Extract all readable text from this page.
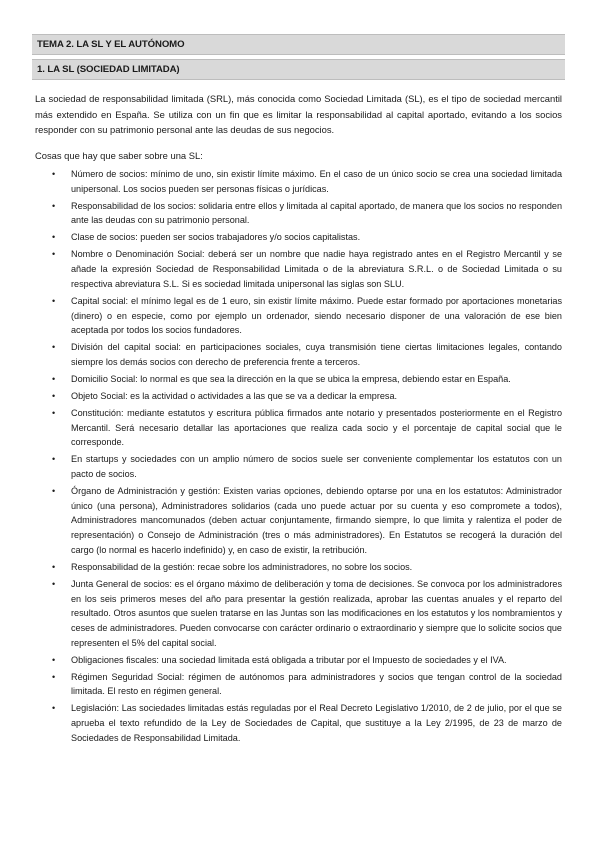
TEMA 2. LA SL Y EL AUTÓNOMO
1. LA SL (SOCIEDAD LIMITADA)

La sociedad de responsabilidad limitada (SRL), más conocida como Sociedad Limitada (SL), es el tipo de sociedad mercantil más extendido en España. Se utiliza con un fin que es limitar la responsabilidad al capital aportado, evitando a los socios responder con su patrimonio personal ante las deudas de sus negocios.

Cosas que hay que saber sobre una SL:

• Número de socios: mínimo de uno, sin existir límite máximo. En el caso de un único socio se crea una sociedad limitada unipersonal. Los socios pueden ser personas físicas o jurídicas.
• Responsabilidad de los socios: solidaria entre ellos y limitada al capital aportado, de manera que los socios no responden ante las deudas con su patrimonio personal.
• Clase de socios: pueden ser socios trabajadores y/o socios capitalistas.
• Nombre o Denominación Social: deberá ser un nombre que nadie haya registrado antes en el Registro Mercantil y se añade la expresión Sociedad de Responsabilidad Limitada o de la abreviatura S.R.L. o de Sociedad Limitada o su respectiva abreviatura S.L. Si es sociedad limitada unipersonal las siglas son SLU.
• Capital social: el mínimo legal es de 1 euro, sin existir límite máximo. Puede estar formado por aportaciones monetarias (dinero) o en especie, como por ejemplo un ordenador, siendo necesario disponer de una valoración de ese bien aceptada por todos los socios fundadores.
• División del capital social: en participaciones sociales, cuya transmisión tiene ciertas limitaciones legales, contando siempre los demás socios con derecho de preferencia frente a terceros.
• Domicilio Social: lo normal es que sea la dirección en la que se ubica la empresa, debiendo estar en España.
• Objeto Social: es la actividad o actividades a las que se va a dedicar la empresa.
• Constitución: mediante estatutos y escritura pública firmados ante notario y presentados posteriormente en el Registro Mercantil. Será necesario detallar las aportaciones que realiza cada socio y el porcentaje de capital social que le corresponde.
• En startups y sociedades con un amplio número de socios suele ser conveniente complementar los estatutos con un pacto de socios.
• Órgano de Administración y gestión: Existen varias opciones, debiendo optarse por una en los estatutos: Administrador único (una persona), Administradores solidarios (cada uno puede actuar por su cuenta y eso compromete a todos), Administradores mancomunados (deben actuar conjuntamente, firmando siempre, lo que limita y ralentiza el poder de representación) o Consejo de Administración (tres o más administradores). En Estatutos se recogerá la duración del cargo (lo normal es hacerlo indefinido) y, en caso de existir, la retribución.
• Responsabilidad de la gestión: recae sobre los administradores, no sobre los socios.
• Junta General de socios: es el órgano máximo de deliberación y toma de decisiones. Se convoca por los administradores en los seis primeros meses del año para presentar la gestión realizada, aprobar las cuentas anuales y el reparto del resultado. Otros asuntos que suelen tratarse en las Juntas son las modificaciones en los estatutos y los nombramientos y ceses de administradores. Pueden convocarse con carácter ordinario o extraordinario y siempre que lo solicite socios que representen el 5% del capital social.
• Obligaciones fiscales: una sociedad limitada está obligada a tributar por el Impuesto de sociedades y el IVA.
• Régimen Seguridad Social: régimen de autónomos para administradores y socios que tengan control de la sociedad limitada. El resto en régimen general.
• Legislación: Las sociedades limitadas estás reguladas por el Real Decreto Legislativo 1/2010, de 2 de julio, por el que se aprueba el texto refundido de la Ley de Sociedades de Capital, que sustituye a la Ley 2/1995, de 23 de marzo de Sociedades de Responsabilidad Limitada.
